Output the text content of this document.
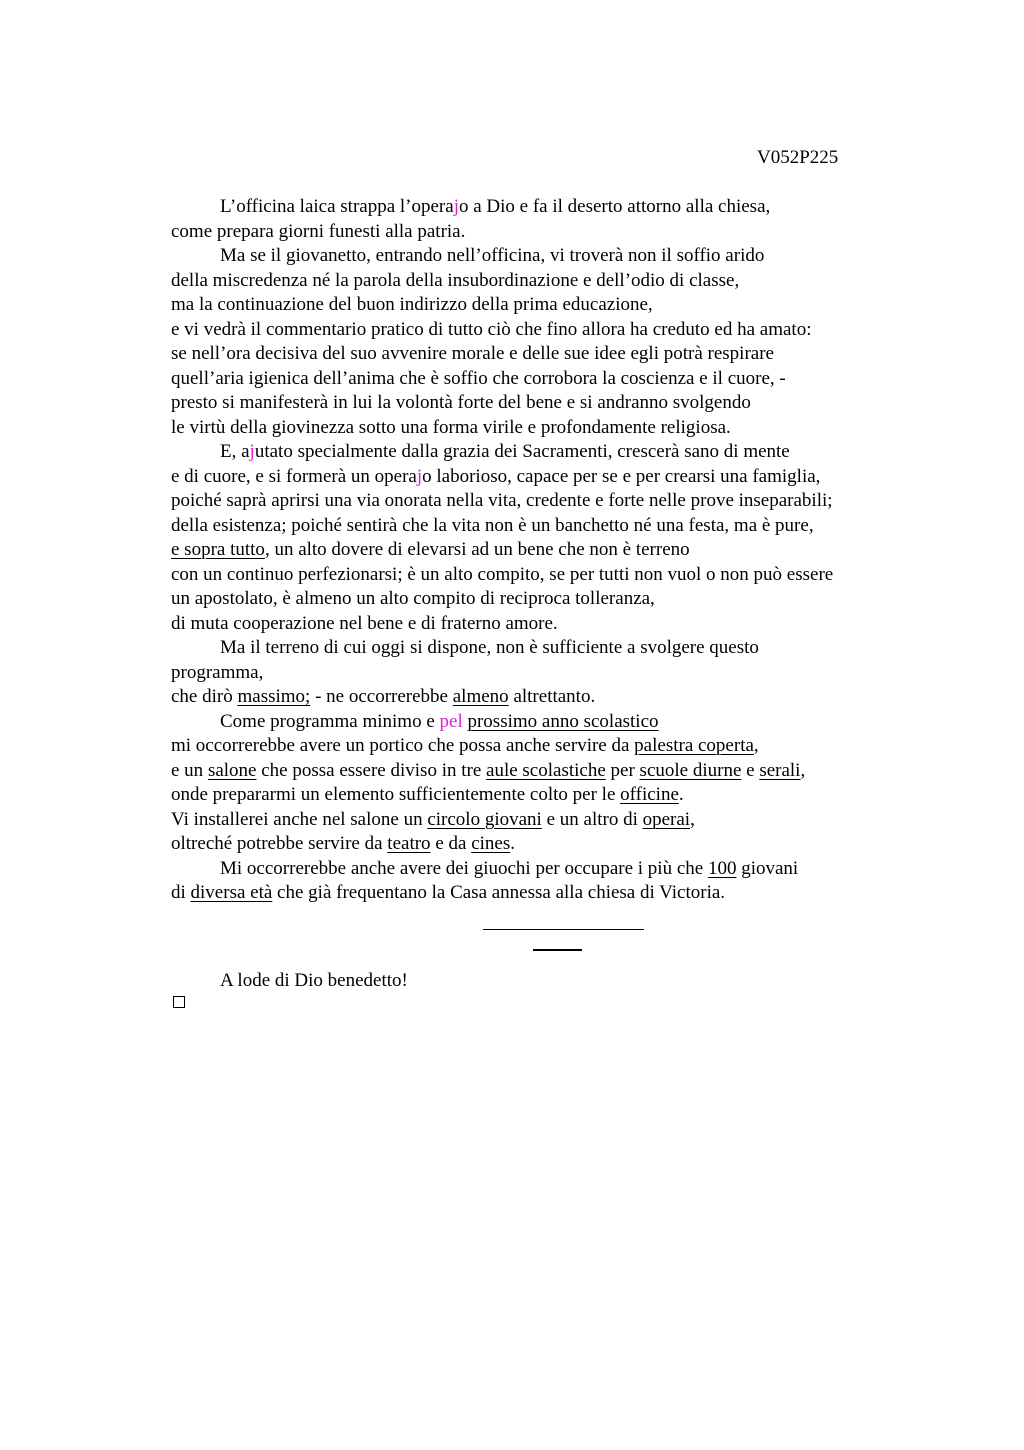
V052P225
L’officina laica strappa l’operajo a Dio e fa il deserto attorno alla chiesa,
come prepara giorni funesti alla patria.
Ma se il giovanetto, entrando nell’officina, vi troverà non il soffio arido
della miscredenza né la parola della insubordinazione e dell’odio di classe,
ma la continuazione del buon indirizzo della prima educazione,
e vi vedrà il commentario pratico di tutto ciò che fino allora ha creduto ed ha amato:
se nell’ora decisiva del suo avvenire morale e delle sue idee egli potrà respirare
quell’aria igienica dell’anima che è soffio che corrobora la coscienza e il cuore, -
presto si manifesterà in lui la volontà forte del bene e si andranno svolgendo
le virtù della giovinezza sotto una forma virile e profondamente religiosa.
E, ajutato specialmente dalla grazia dei Sacramenti, crescerà sano di mente
e di cuore, e si formerà un operajo laborioso, capace per se e per crearsi una famiglia,
poiché saprà aprirsi una via onorata nella vita, credente e forte nelle prove inseparabili;
della esistenza; poiché sentirà che la vita non è un banchetto né una festa, ma è pure,
e sopra tutto, un alto dovere di elevarsi ad un bene che non è terreno
con un continuo perfezionarsi; è un alto compito, se per tutti non vuol o non può essere
un apostolato, è almeno un alto compito di reciproca tolleranza,
di muta cooperazione nel bene e di fraterno amore.
Ma il terreno di cui oggi si dispone, non è sufficiente a svolgere questo
programma,
che dirò massimo; - ne occorrerebbe almeno altrettanto.
Come programma minimo e pel prossimo anno scolastico
mi occorrerebbe avere un portico che possa anche servire da palestra coperta,
e un salone che possa essere diviso in tre aule scolastiche per scuole diurne e serali,
onde prepararmi un elemento sufficientemente colto per le officine.
Vi installerei anche nel salone un circolo giovani e un altro di operai,
oltreché potrebbe servire da teatro e da cines.
Mi occorrerebbe anche avere dei giuochi per occupare i più che 100 giovani
di diversa età che già frequentano la Casa annessa alla chiesa di Victoria.
A lode di Dio benedetto!
